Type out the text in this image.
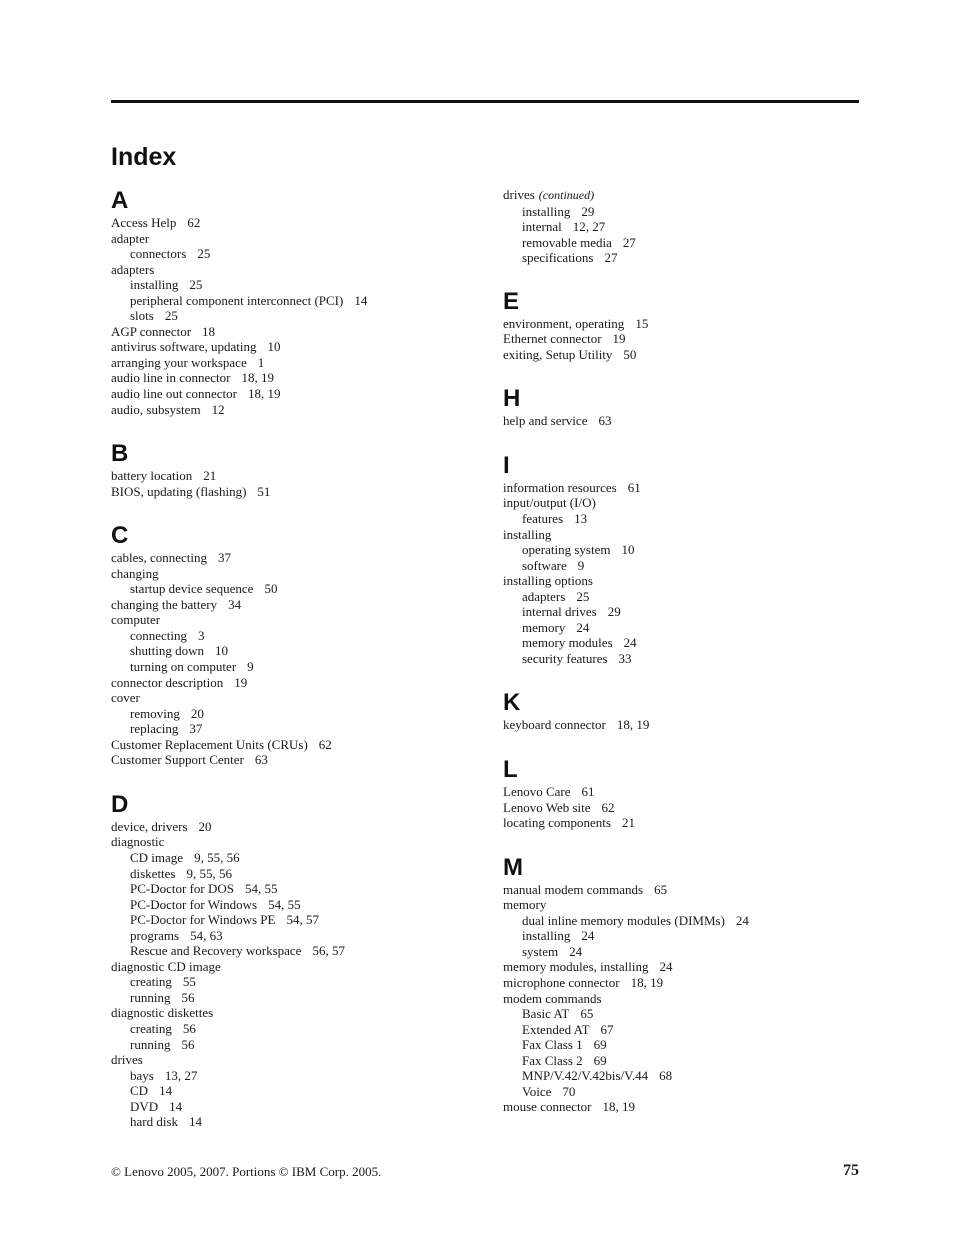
Index
A
Access Help 62
adapter
connectors 25
adapters
installing 25
peripheral component interconnect (PCI) 14
slots 25
AGP connector 18
antivirus software, updating 10
arranging your workspace 1
audio line in connector 18, 19
audio line out connector 18, 19
audio, subsystem 12
B
battery location 21
BIOS, updating (flashing) 51
C
cables, connecting 37
changing
startup device sequence 50
changing the battery 34
computer
connecting 3
shutting down 10
turning on computer 9
connector description 19
cover
removing 20
replacing 37
Customer Replacement Units (CRUs) 62
Customer Support Center 63
D
device, drivers 20
diagnostic
CD image 9, 55, 56
diskettes 9, 55, 56
PC-Doctor for DOS 54, 55
PC-Doctor for Windows 54, 55
PC-Doctor for Windows PE 54, 57
programs 54, 63
Rescue and Recovery workspace 56, 57
diagnostic CD image
creating 55
running 56
diagnostic diskettes
creating 56
running 56
drives
bays 13, 27
CD 14
DVD 14
hard disk 14
drives (continued)
installing 29
internal 12, 27
removable media 27
specifications 27
E
environment, operating 15
Ethernet connector 19
exiting, Setup Utility 50
H
help and service 63
I
information resources 61
input/output (I/O)
features 13
installing
operating system 10
software 9
installing options
adapters 25
internal drives 29
memory 24
memory modules 24
security features 33
K
keyboard connector 18, 19
L
Lenovo Care 61
Lenovo Web site 62
locating components 21
M
manual modem commands 65
memory
dual inline memory modules (DIMMs) 24
installing 24
system 24
memory modules, installing 24
microphone connector 18, 19
modem commands
Basic AT 65
Extended AT 67
Fax Class 1 69
Fax Class 2 69
MNP/V.42/V.42bis/V.44 68
Voice 70
mouse connector 18, 19
© Lenovo 2005, 2007. Portions © IBM Corp. 2005.	75
